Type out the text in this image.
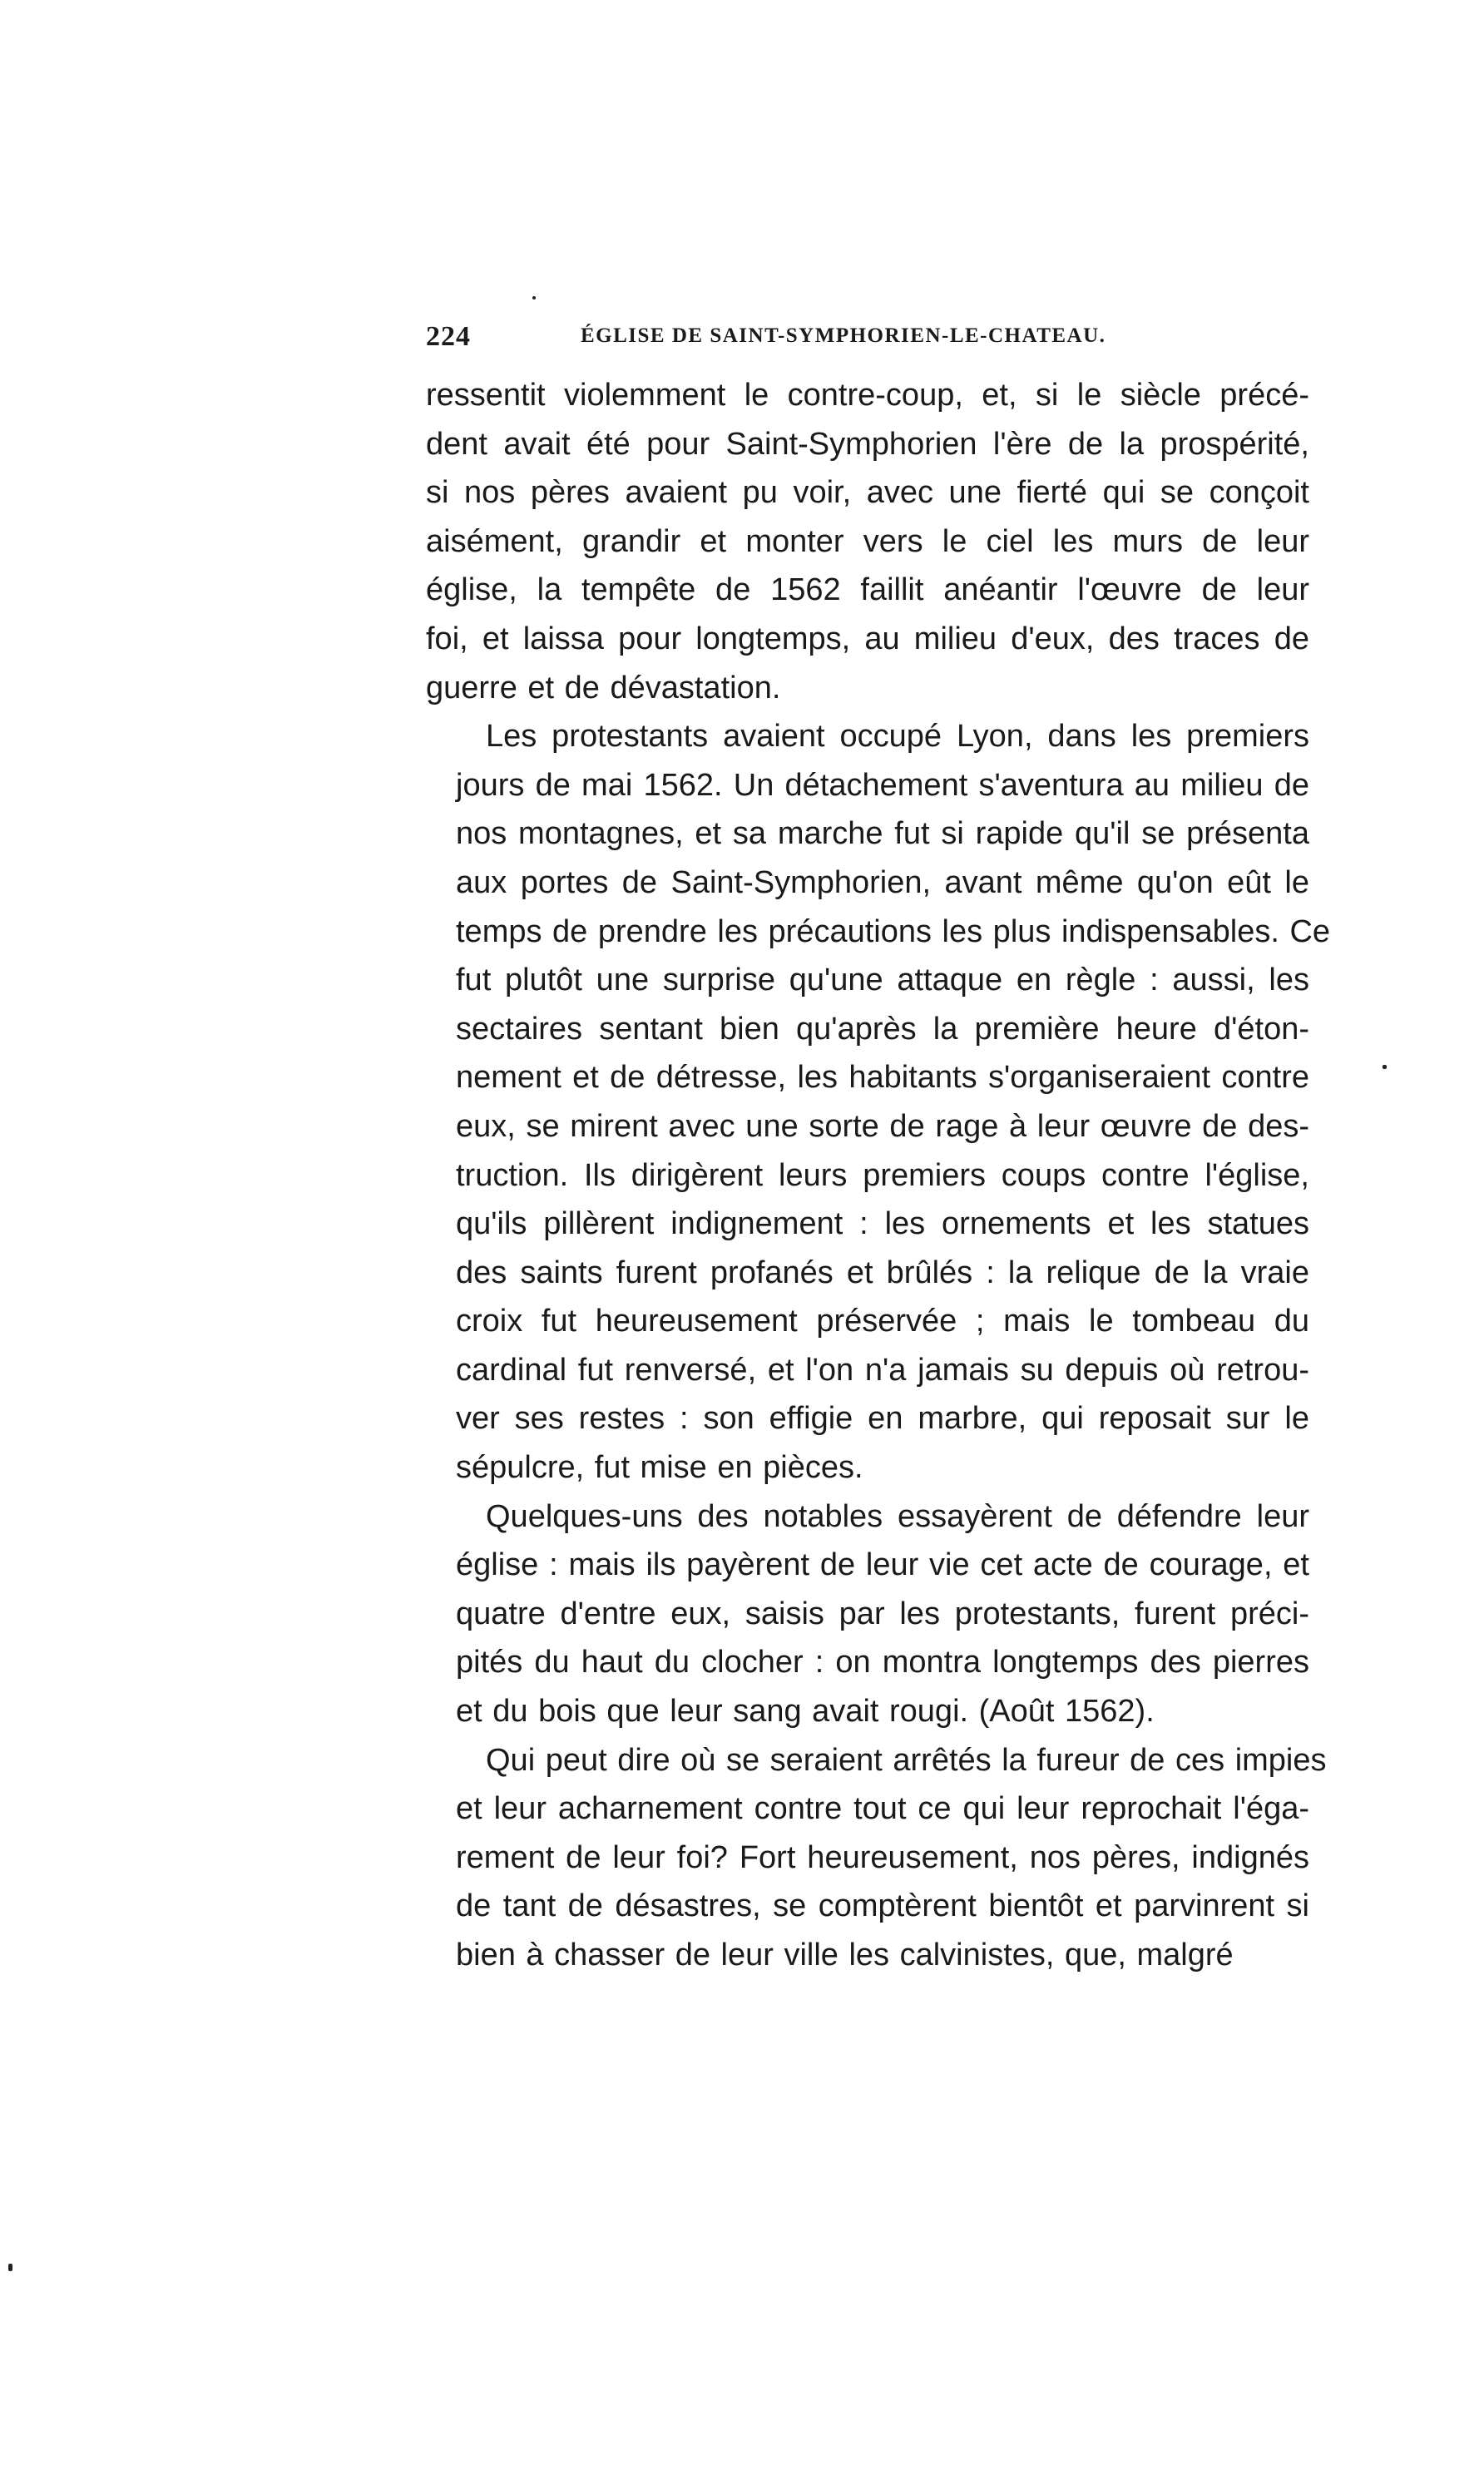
224	ÉGLISE DE SAINT-SYMPHORIEN-LE-CHATEAU.
ressentit violemment le contre-coup, et, si le siècle précé-
dent avait été pour Saint-Symphorien l'ère de la prospérité,
si nos pères avaient pu voir, avec une fierté qui se conçoit
aisément, grandir et monter vers le ciel les murs de leur
église, la tempête de 1562 faillit anéantir l'œuvre de leur
foi, et laissa pour longtemps, au milieu d'eux, des traces de
guerre et de dévastation.
Les protestants avaient occupé Lyon, dans les premiers
jours de mai 1562. Un détachement s'aventura au milieu de
nos montagnes, et sa marche fut si rapide qu'il se présenta
aux portes de Saint-Symphorien, avant même qu'on eût le
temps de prendre les précautions les plus indispensables. Ce
fut plutôt une surprise qu'une attaque en règle : aussi, les
sectaires sentant bien qu'après la première heure d'éton-
nement et de détresse, les habitants s'organiseraient contre
eux, se mirent avec une sorte de rage à leur œuvre de des-
truction. Ils dirigèrent leurs premiers coups contre l'église,
qu'ils pillèrent indignement : les ornements et les statues
des saints furent profanés et brûlés : la relique de la vraie
croix fut heureusement préservée ; mais le tombeau du
cardinal fut renversé, et l'on n'a jamais su depuis où retrou-
ver ses restes : son effigie en marbre, qui reposait sur le
sépulcre, fut mise en pièces.
Quelques-uns des notables essayèrent de défendre leur
église : mais ils payèrent de leur vie cet acte de courage, et
quatre d'entre eux, saisis par les protestants, furent préci-
pités du haut du clocher : on montra longtemps des pierres
et du bois que leur sang avait rougi. (Août 1562).
Qui peut dire où se seraient arrêtés la fureur de ces impies
et leur acharnement contre tout ce qui leur reprochait l'éga-
rement de leur foi? Fort heureusement, nos pères, indignés
de tant de désastres, se comptèrent bientôt et parvinrent si
bien à chasser de leur ville les calvinistes, que, malgré
